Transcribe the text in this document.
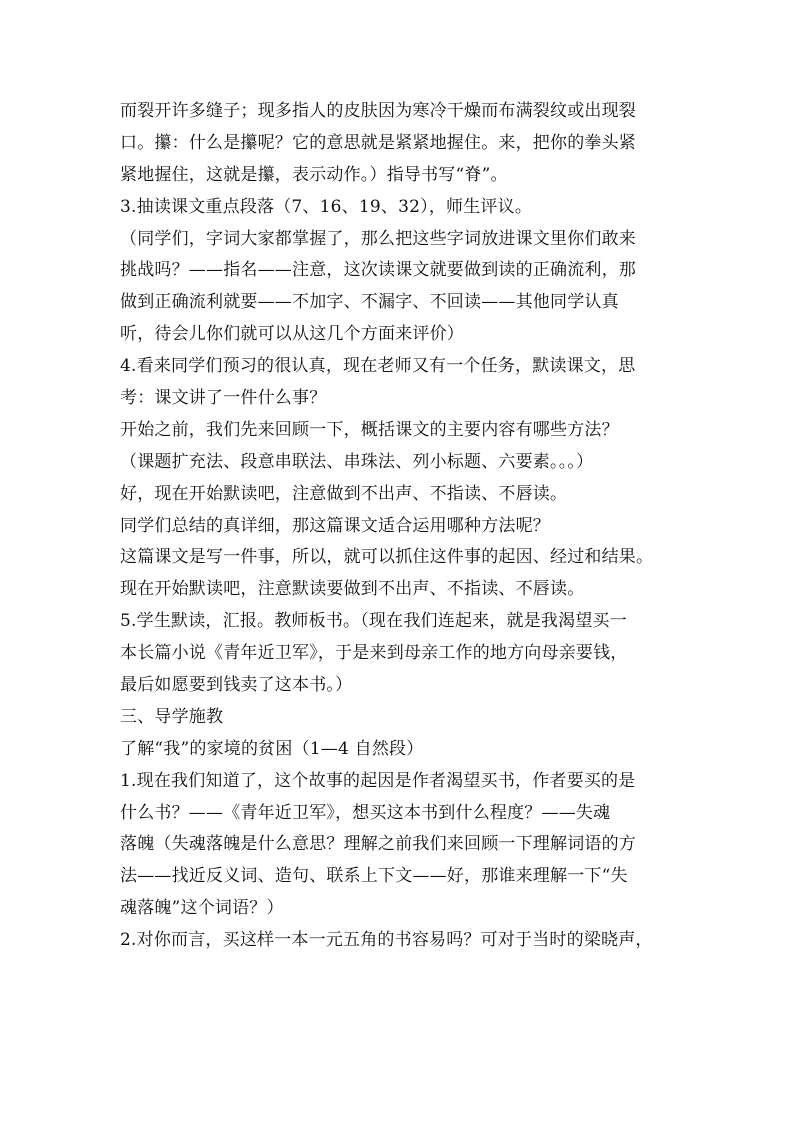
而裂开许多缝子；现多指人的皮肤因为寒冷干燥而布满裂纹或出现裂
口。攥：什么是攥呢？它的意思就是紧紧地握住。来，把你的拳头紧
紧地握住，这就是攥，表示动作。）指导书写“脊”。
3.抽读课文重点段落（7、16、19、32），师生评议。
（同学们，字词大家都掌握了，那么把这些字词放进课文里你们敢来
挑战吗？——指名——注意，这次读课文就要做到读的正确流利，那
做到正确流利就要——不加字、不漏字、不回读——其他同学认真
听，待会儿你们就可以从这几个方面来评价）
4.看来同学们预习的很认真，现在老师又有一个任务，默读课文，思
考：课文讲了一件什么事？
开始之前，我们先来回顾一下，概括课文的主要内容有哪些方法？
（课题扩充法、段意串联法、串珠法、列小标题、六要素。。。）
好，现在开始默读吧，注意做到不出声、不指读、不唇读。
同学们总结的真详细，那这篇课文适合运用哪种方法呢？
这篇课文是写一件事，所以，就可以抓住这件事的起因、经过和结果。
现在开始默读吧，注意默读要做到不出声、不指读、不唇读。
5.学生默读，汇报。教师板书。（现在我们连起来，就是我渴望买一
本长篇小说《青年近卫军》，于是来到母亲工作的地方向母亲要钱，
最后如愿要到钱卖了这本书。）
三、导学施教
了解“我”的家境的贫困（1—4 自然段）
1.现在我们知道了，这个故事的起因是作者渴望买书，作者要买的是
什么书？——《青年近卫军》，想买这本书到什么程度？——失魂
落魄（失魂落魄是什么意思？理解之前我们来回顾一下理解词语的方
法——找近反义词、造句、联系上下文——好，那谁来理解一下“失
魂落魄”这个词语？）
2.对你而言，买这样一本一元五角的书容易吗？可对于当时的梁晓声，
